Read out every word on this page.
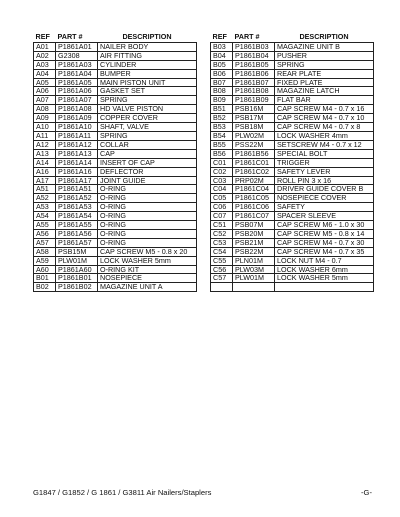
REF	PART #	DESCRIPTION
A01	P1861A01	NAILER BODY
A02	G2308	AIR FITTING
A03	P1861A03	CYLINDER
A04	P1861A04	BUMPER
A05	P1861A05	MAIN PISTON UNIT
A06	P1861A06	GASKET SET
A07	P1861A07	SPRING
A08	P1861A08	HD VALVE PISTON
A09	P1861A09	COPPER COVER
A10	P1861A10	SHAFT, VALVE
A11	P1861A11	SPRING
A12	P1861A12	COLLAR
A13	P1861A13	CAP
A14	P1861A14	INSERT OF CAP
A16	P1861A16	DEFLECTOR
A17	P1861A17	JOINT GUIDE
A51	P1861A51	O-RING
A52	P1861A52	O-RING
A53	P1861A53	O-RING
A54	P1861A54	O-RING
A55	P1861A55	O-RING
A56	P1861A56	O-RING
A57	P1861A57	O-RING
A58	PSB15M	CAP SCREW M5 - 0.8 x 20
A59	PLW01M	LOCK WASHER 5mm
A60	P1861A60	O-RING KIT
B01	P1861B01	NOSEPIECE
B02	P1861B02	MAGAZINE UNIT A
REF	PART #	DESCRIPTION
B03	P1861B03	MAGAZINE UNIT B
B04	P1861B04	PUSHER
B05	P1861B05	SPRING
B06	P1861B06	REAR PLATE
B07	P1861B07	FIXED PLATE
B08	P1861B08	MAGAZINE LATCH
B09	P1861B09	FLAT BAR
B51	PSB16M	CAP SCREW M4 - 0.7 x 16
B52	PSB17M	CAP SCREW M4 - 0.7 x 10
B53	PSB18M	CAP SCREW M4 - 0.7 x 8
B54	PLW02M	LOCK WASHER 4mm
B55	PSS22M	SETSCREW M4 - 0.7 x 12
B56	P1861B56	SPECIAL BOLT
C01	P1861C01	TRIGGER
C02	P1861C02	SAFETY LEVER
C03	PRP02M	ROLL PIN 3 x 16
C04	P1861C04	DRIVER GUIDE COVER B
C05	P1861C05	NOSEPIECE COVER
C06	P1861C06	SAFETY
C07	P1861C07	SPACER SLEEVE
C51	PSB07M	CAP SCREW M6 - 1.0 x 30
C52	PSB20M	CAP SCREW M5 - 0.8 x 14
C53	PSB21M	CAP SCREW M4 - 0.7 x 30
C54	PSB22M	CAP SCREW M4 - 0.7 x 35
C55	PLN01M	LOCK NUT M4 - 0.7
C56	PLW03M	LOCK WASHER 6mm
C57	PLW01M	LOCK WASHER 5mm

G1847 / G1852 / G 1861 / G3811 Air Nailers/Staplers	-G-
